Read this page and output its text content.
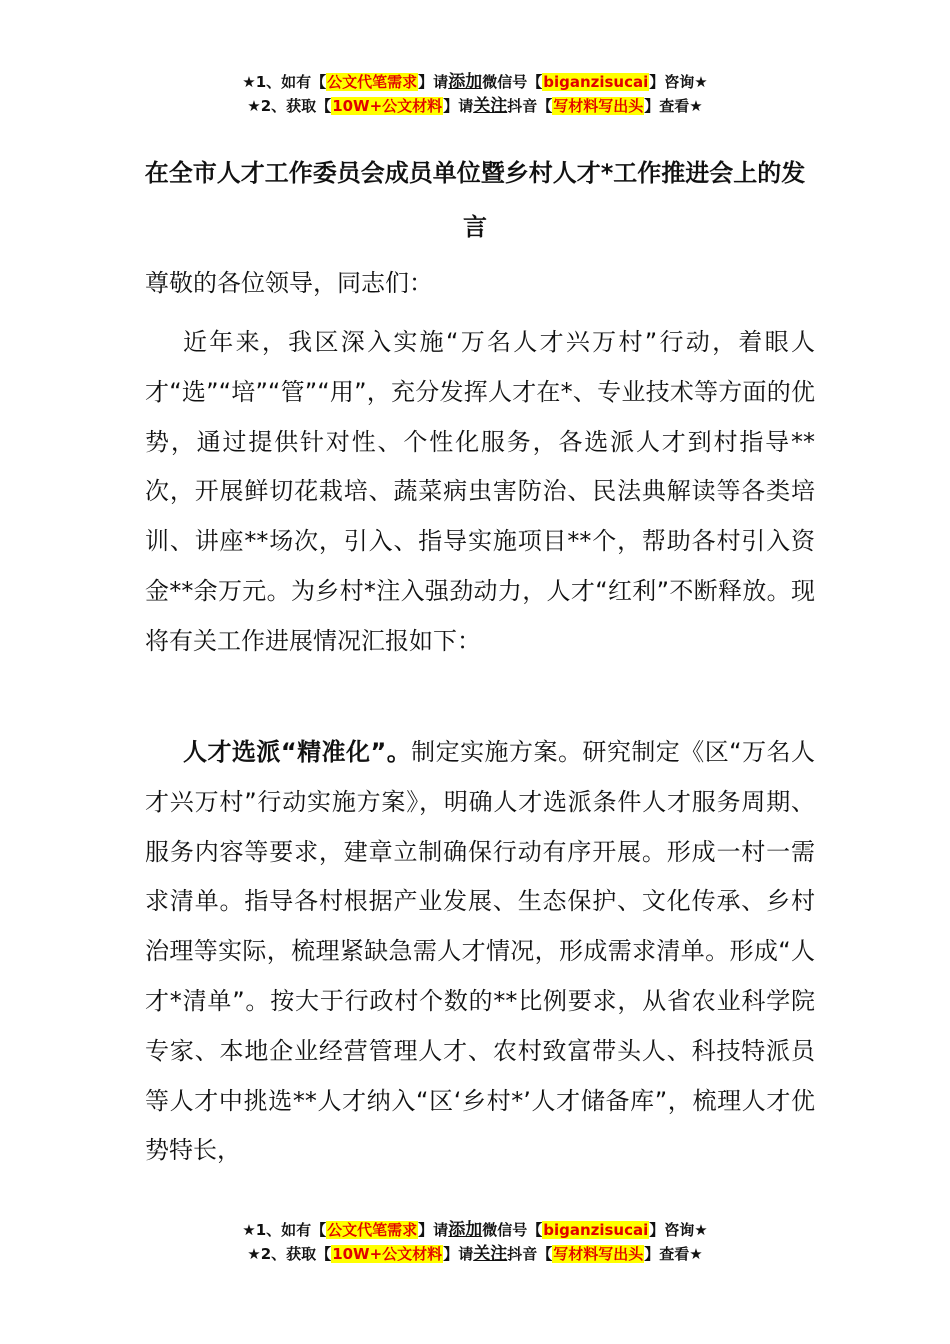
★1、如有【公文代笔需求】请添加微信号【biganzisucai】咨询★
★2、获取【10W+公文材料】请关注抖音【写材料写出头】查看★
在全市人才工作委员会成员单位暨乡村人才*工作推进会上的发言

尊敬的各位领导，同志们：

近年来，我区深入实施“万名人才兴万村”行动，着眼人才“选”“培”“管”“用”，充分发挥人才在*、专业技术等方面的优势，通过提供针对性、个性化服务，各选派人才到村指导**次，开展鲜切花栽培、蔬菜病虫害防治、民法典解读等各类培训、讲座**场次，引入、指导实施项目**个，帮助各村引入资金**余万元。为乡村*注入强劲动力，人才“红利”不断释放。现将有关工作进展情况汇报如下：

人才选派“精准化”。制定实施方案。研究制定《区“万名人才兴万村”行动实施方案》，明确人才选派条件人才服务周期、服务内容等要求，建章立制确保行动有序开展。形成一村一需求清单。指导各村根据产业发展、生态保护、文化传承、乡村治理等实际，梳理紧缺急需人才情况，形成需求清单。形成“人才*清单”。按大于行政村个数的**比例要求，从省农业科学院专家、本地企业经营管理人才、农村致富带头人、科技特派员等人才中挑选**人才纳入“区‘乡村*’人才储备库”，梳理人才优势特长，

★1、如有【公文代笔需求】请添加微信号【biganzisucai】咨询★
★2、获取【10W+公文材料】请关注抖音【写材料写出头】查看★
